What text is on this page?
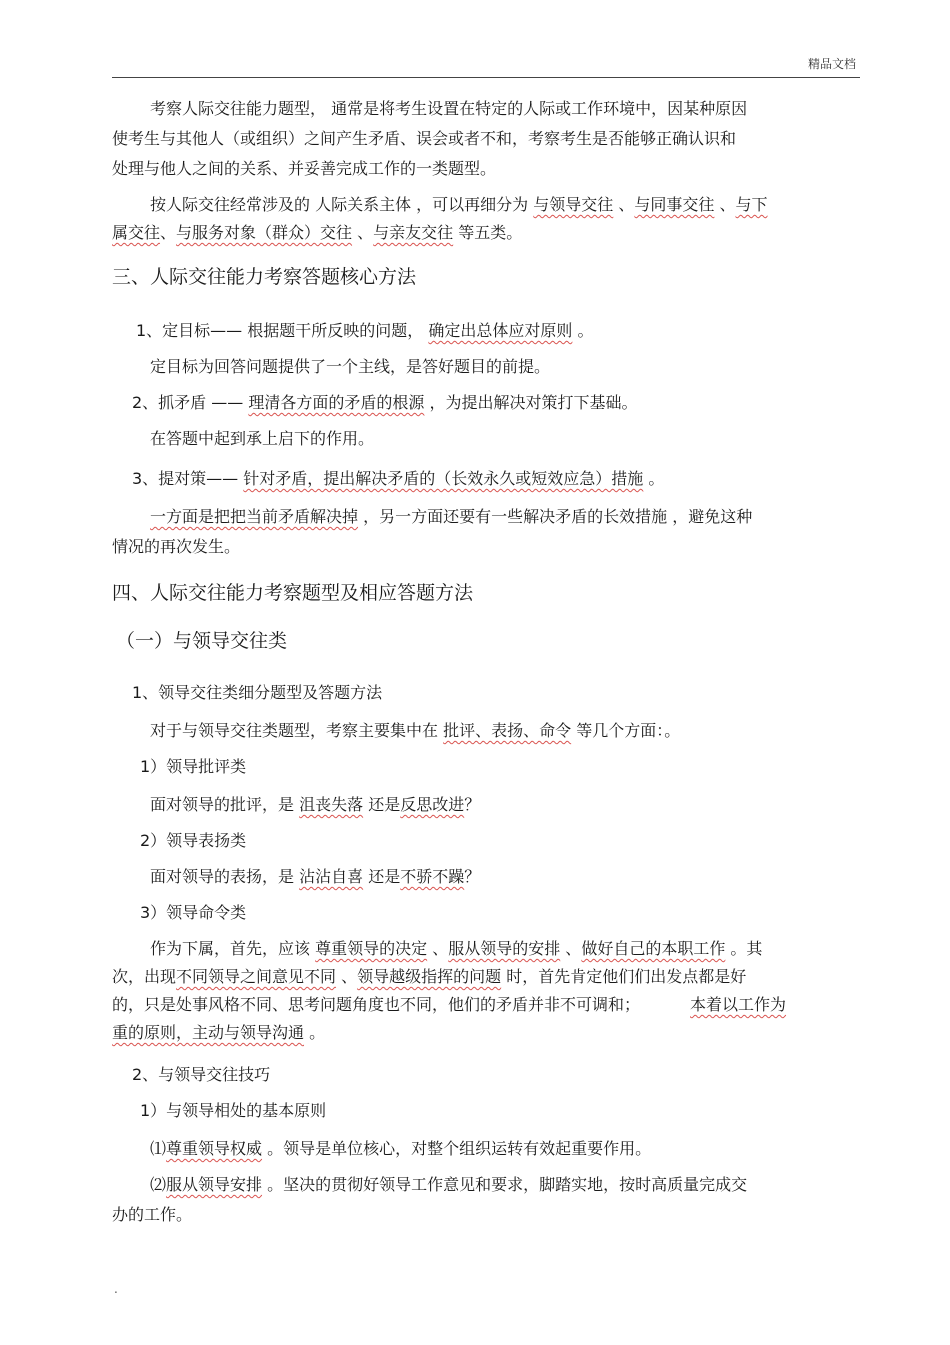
精品文档

考察人际交往能力题型， 通常是将考生设置在特定的人际或工作环境中，因某种原因

使考生与其他人（或组织）之间产生矛盾、误会或者不和，考察考生是否能够正确认识和

处理与他人之间的关系、并妥善完成工作的一类题型。

按人际交往经常涉及的 人际关系主体 ，可以再细分为 与领导交往 、与同事交往 、与下

属交往、与服务对象（群众）交往 、与亲友交往 等五类。

三、人际交往能力考察答题核心方法

1、定目标—— 根据题干所反映的问题， 确定出总体应对原则 。

定目标为回答问题提供了一个主线，是答好题目的前提。

2、抓矛盾 —— 理清各方面的矛盾的根源 ，为提出解决对策打下基础。

在答题中起到承上启下的作用。

3、提对策—— 针对矛盾，提出解决矛盾的（长效永久或短效应急）措施 。

一方面是把把当前矛盾解决掉 ，另一方面还要有一些解决矛盾的长效措施 ，避免这种

情况的再次发生。

四、人际交往能力考察题型及相应答题方法
（一）与领导交往类

1、领导交往类细分题型及答题方法

对于与领导交往类题型，考察主要集中在 批评、表扬、命令 等几个方面：。

1）领导批评类

面对领导的批评，是 沮丧失落 还是反思改进？

2）领导表扬类

面对领导的表扬，是 沾沾自喜 还是不骄不躁？

3）领导命令类

作为下属，首先，应该 尊重领导的决定 、服从领导的安排 、做好自己的本职工作 。其

次，出现不同领导之间意见不同 、领导越级指挥的问题 时，首先肯定他们们出发点都是好

的，只是处事风格不同、思考问题角度也不同，他们的矛盾并非不可调和；	本着以工作为

重的原则，主动与领导沟通 。

2、与领导交往技巧

1）与领导相处的基本原则

⑴尊重领导权威 。领导是单位核心，对整个组织运转有效起重要作用。

⑵服从领导安排 。坚决的贯彻好领导工作意见和要求，脚踏实地，按时高质量完成交

办的工作。

.
